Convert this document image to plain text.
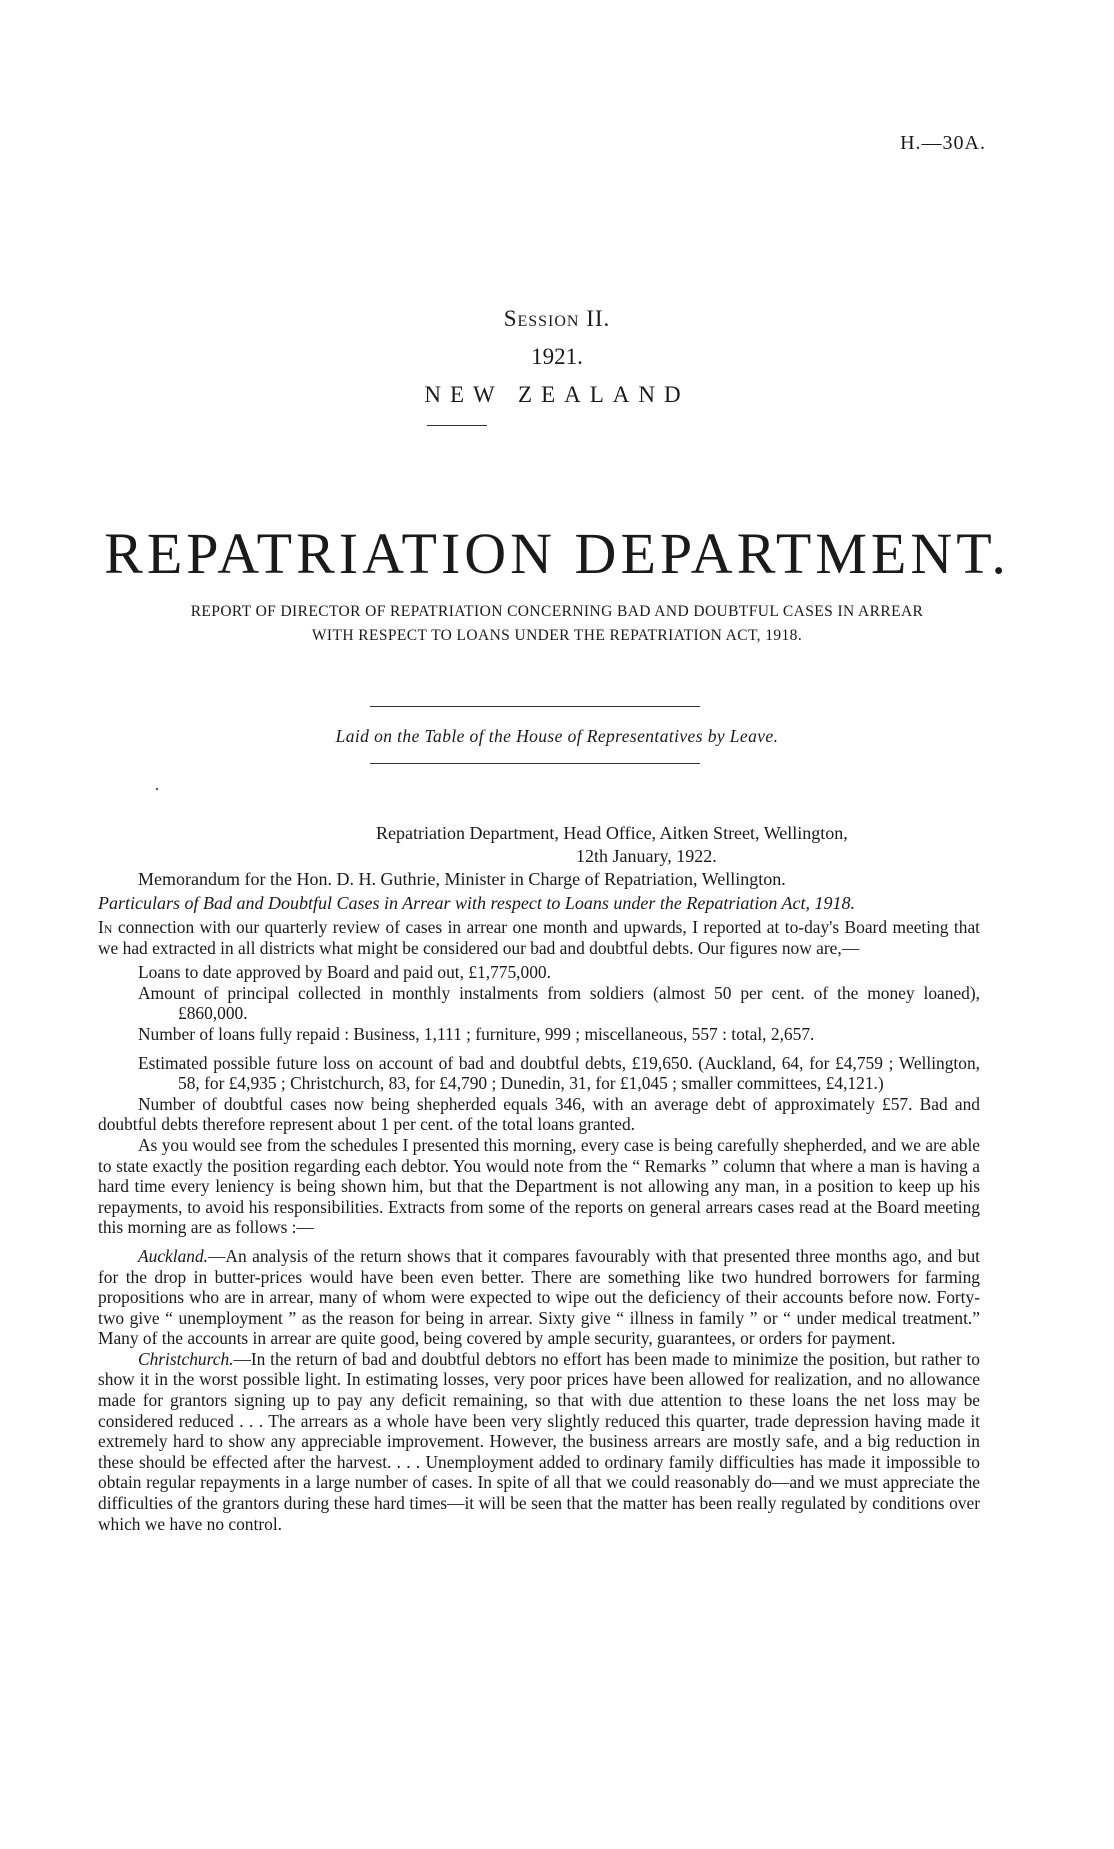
H.—30A.
Session II.
1921.
NEW ZEALAND
REPATRIATION DEPARTMENT.
REPORT OF DIRECTOR OF REPATRIATION CONCERNING BAD AND DOUBTFUL CASES IN ARREAR
WITH RESPECT TO LOANS UNDER THE REPATRIATION ACT, 1918.
Laid on the Table of the House of Representatives by Leave.
Repatriation Department, Head Office, Aitken Street, Wellington,
12th January, 1922.
Memorandum for the Hon. D. H. Guthrie, Minister in Charge of Repatriation, Wellington.
Particulars of Bad and Doubtful Cases in Arrear with respect to Loans under the Repatriation Act, 1918.

In connection with our quarterly review of cases in arrear one month and upwards, I reported at to-day's Board meeting that we had extracted in all districts what might be considered our bad and doubtful debts. Our figures now are,—

Loans to date approved by Board and paid out, £1,775,000.

Amount of principal collected in monthly instalments from soldiers (almost 50 per cent. of the money loaned), £860,000.

Number of loans fully repaid : Business, 1,111 ; furniture, 999 ; miscellaneous, 557 : total, 2,657.

Estimated possible future loss on account of bad and doubtful debts, £19,650. (Auckland, 64, for £4,759 ; Wellington, 58, for £4,935 ; Christchurch, 83, for £4,790 ; Dunedin, 31, for £1,045 ; smaller committees, £4,121.)

Number of doubtful cases now being shepherded equals 346, with an average debt of approximately £57. Bad and doubtful debts therefore represent about 1 per cent. of the total loans granted.

As you would see from the schedules I presented this morning, every case is being carefully shepherded, and we are able to state exactly the position regarding each debtor. You would note from the “ Remarks ” column that where a man is having a hard time every leniency is being shown him, but that the Department is not allowing any man, in a position to keep up his repayments, to avoid his responsibilities. Extracts from some of the reports on general arrears cases read at the Board meeting this morning are as follows :—

Auckland.—An analysis of the return shows that it compares favourably with that presented three months ago, and but for the drop in butter-prices would have been even better. There are something like two hundred borrowers for farming propositions who are in arrear, many of whom were expected to wipe out the deficiency of their accounts before now. Forty-two give “ unemployment ” as the reason for being in arrear. Sixty give “ illness in family ” or “ under medical treatment.” Many of the accounts in arrear are quite good, being covered by ample security, guarantees, or orders for payment.

Christchurch.—In the return of bad and doubtful debtors no effort has been made to minimize the position, but rather to show it in the worst possible light. In estimating losses, very poor prices have been allowed for realization, and no allowance made for grantors signing up to pay any deficit remaining, so that with due attention to these loans the net loss may be considered reduced . . . The arrears as a whole have been very slightly reduced this quarter, trade depression having made it extremely hard to show any appreciable improvement. However, the business arrears are mostly safe, and a big reduction in these should be effected after the harvest. . . . Unemployment added to ordinary family difficulties has made it impossible to obtain regular repayments in a large number of cases. In spite of all that we could reasonably do—and we must appreciate the difficulties of the grantors during these hard times—it will be seen that the matter has been really regulated by conditions over which we have no control.
